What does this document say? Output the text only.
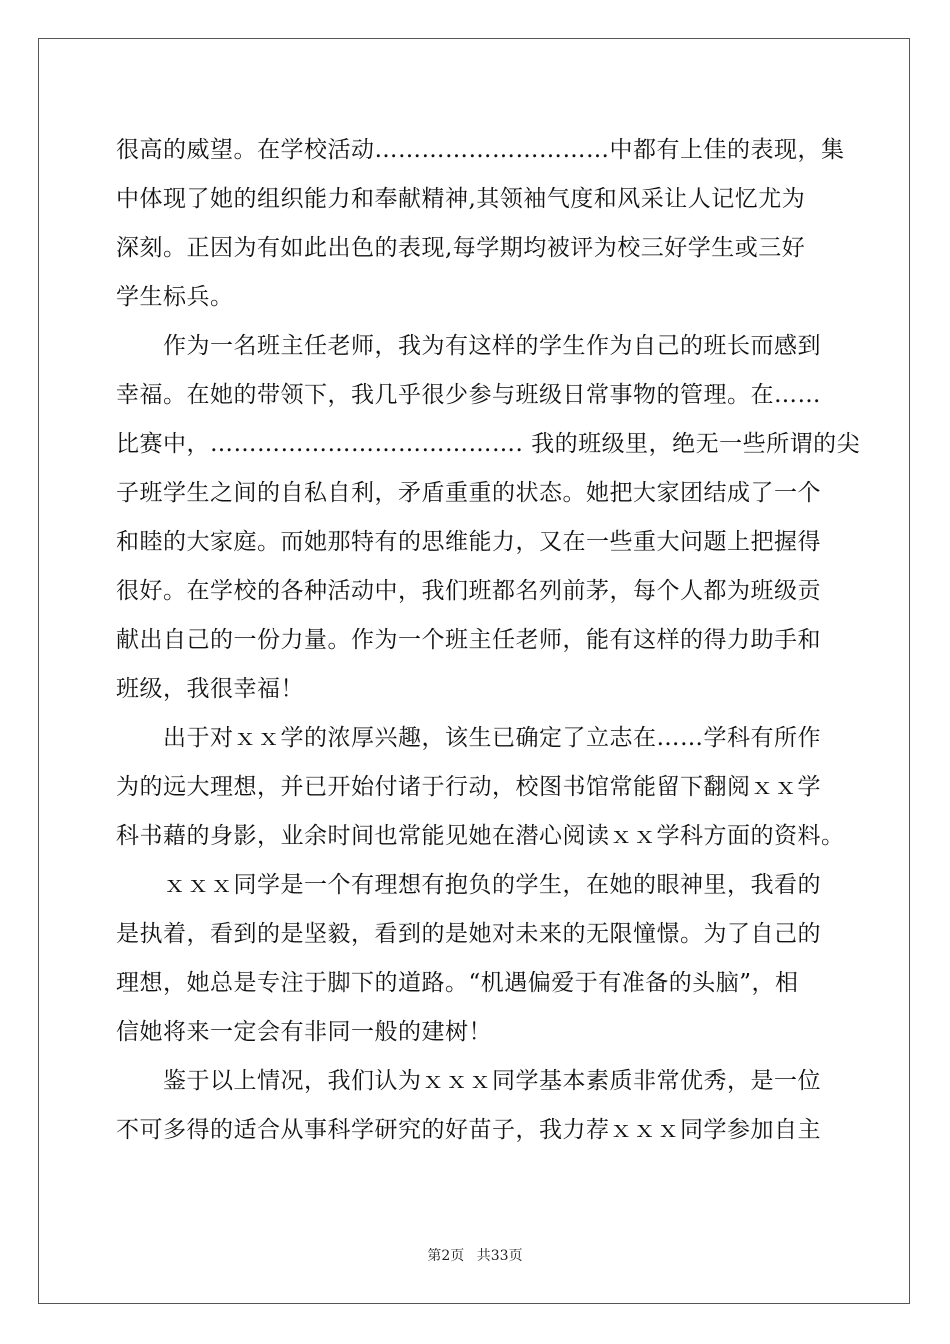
很高的威望。在学校活动…………………………中都有上佳的表现，集
中体现了她的组织能力和奉献精神,其领袖气度和风采让人记忆尤为
深刻。正因为有如此出色的表现,每学期均被评为校三好学生或三好
学生标兵。
　　作为一名班主任老师，我为有这样的学生作为自己的班长而感到
幸福。在她的带领下，我几乎很少参与班级日常事物的管理。在……
比赛中，…………………………………. 我的班级里，绝无一些所谓的尖
子班学生之间的自私自利，矛盾重重的状态。她把大家团结成了一个
和睦的大家庭。而她那特有的思维能力，又在一些重大问题上把握得
很好。在学校的各种活动中，我们班都名列前茅，每个人都为班级贡
献出自己的一份力量。作为一个班主任老师，能有这样的得力助手和
班级，我很幸福！
　　出于对ｘｘ学的浓厚兴趣，该生已确定了立志在……学科有所作
为的远大理想，并已开始付诸于行动，校图书馆常能留下翻阅ｘｘ学
科书藉的身影，业余时间也常能见她在潜心阅读ｘｘ学科方面的资料。
　　ｘｘｘ同学是一个有理想有抱负的学生，在她的眼神里，我看的
是执着，看到的是坚毅，看到的是她对未来的无限憧憬。为了自己的
理想，她总是专注于脚下的道路。“机遇偏爱于有准备的头脑”，相
信她将来一定会有非同一般的建树！
　　鉴于以上情况，我们认为ｘｘｘ同学基本素质非常优秀，是一位
不可多得的适合从事科学研究的好苗子，我力荐ｘｘｘ同学参加自主
第2页 共33页
